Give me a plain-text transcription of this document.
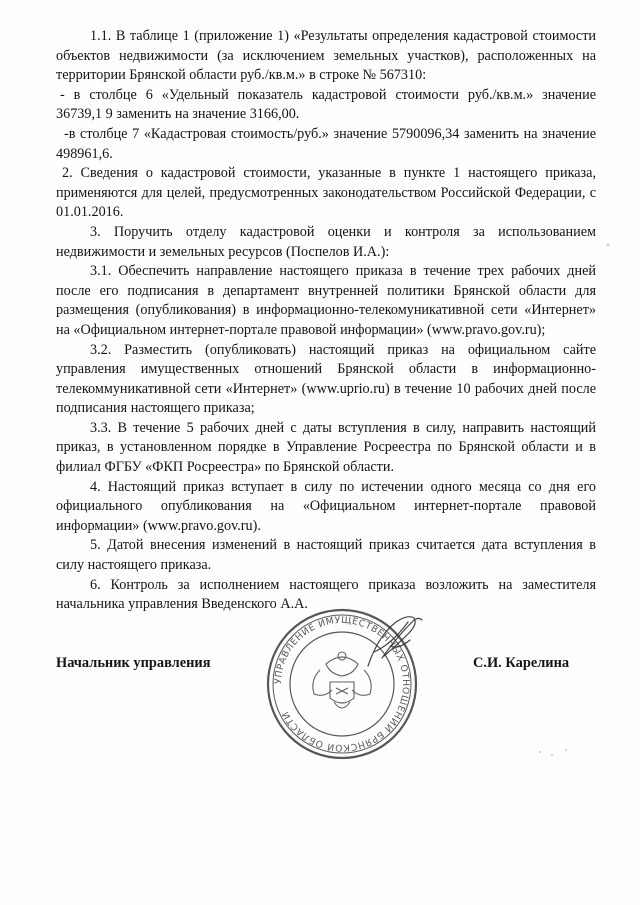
1.1. В таблице 1 (приложение 1) «Результаты определения кадастровой стоимости объектов недвижимости (за исключением земельных участков), расположенных на территории Брянской области руб./кв.м.» в строке № 567310:

- в столбце 6 «Удельный показатель кадастровой стоимости руб./кв.м.» значение 36739,1 9 заменить на значение 3166,00.

-в столбце 7 «Кадастровая стоимость/руб.» значение 5790096,34 заменить на значение 498961,6.

2. Сведения о кадастровой стоимости, указанные в пункте 1 настоящего приказа, применяются для целей, предусмотренных законодательством Российской Федерации, с 01.01.2016.

3. Поручить отделу кадастровой оценки и контроля за использованием недвижимости и земельных ресурсов (Поспелов И.А.):

3.1. Обеспечить направление настоящего приказа в течение трех рабочих дней после его подписания в департамент внутренней политики Брянской области для размещения (опубликования) в информационно-телекомуникативной сети «Интернет» на «Официальном интернет-портале правовой информации» (www.pravo.gov.ru);

3.2. Разместить (опубликовать) настоящий приказ на официальном сайте управления имущественных отношений Брянской области в информационно-телекоммуникативной сети «Интернет» (www.uprio.ru) в течение 10 рабочих дней после подписания настоящего приказа;

3.3. В течение 5 рабочих дней с даты вступления в силу, направить настоящий приказ, в установленном порядке в Управление Росреестра по Брянской области и в филиал ФГБУ «ФКП Росреестра» по Брянской области.

4. Настоящий приказ вступает в силу по истечении одного месяца со дня его официального опубликования на «Официальном интернет-портале правовой информации» (www.pravo.gov.ru).

5. Датой внесения изменений в настоящий приказ считается дата вступления в силу настоящего приказа.

6. Контроль за исполнением настоящего приказа возложить на заместителя начальника управления Введенского А.А.

УПРАВЛЕНИЕ ИМУЩЕСТВЕННЫХ ОТНОШЕНИЙ БРЯНСКОЙ ОБЛАСТИ
Начальник управления	С.И. Карелина
